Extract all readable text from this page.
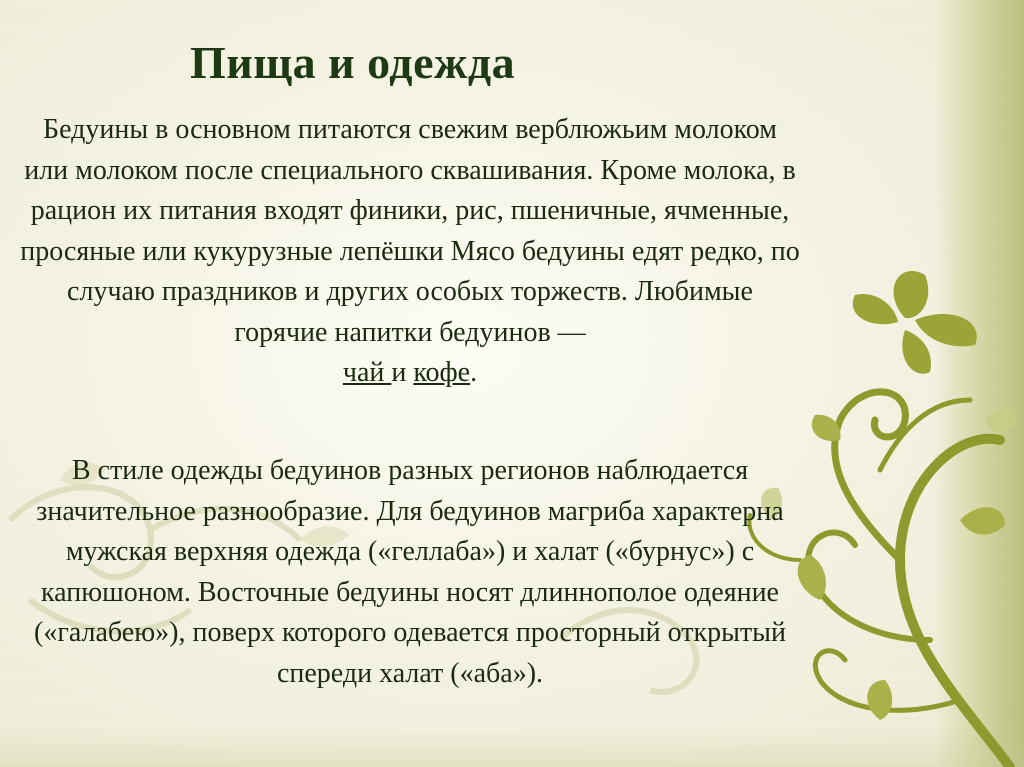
Пища и одежда
Бедуины в основном питаются свежим верблюжьим молоком или молоком после специального сквашивания. Кроме молока, в рацион их питания входят финики, рис, пшеничные, ячменные, просяные или кукурузные лепёшки Мясо бедуины едят редко, по случаю праздников и других особых торжеств. Любимые горячие напитки бедуинов —
чай и кофе.
В стиле одежды бедуинов разных регионов наблюдается значительное разнообразие. Для бедуинов магриба характерна мужская верхняя одежда («геллаба») и халат («бурнус») с капюшоном. Восточные бедуины носят длиннополое одеяние («галабею»), поверх которого одевается просторный открытый спереди халат («аба»).
